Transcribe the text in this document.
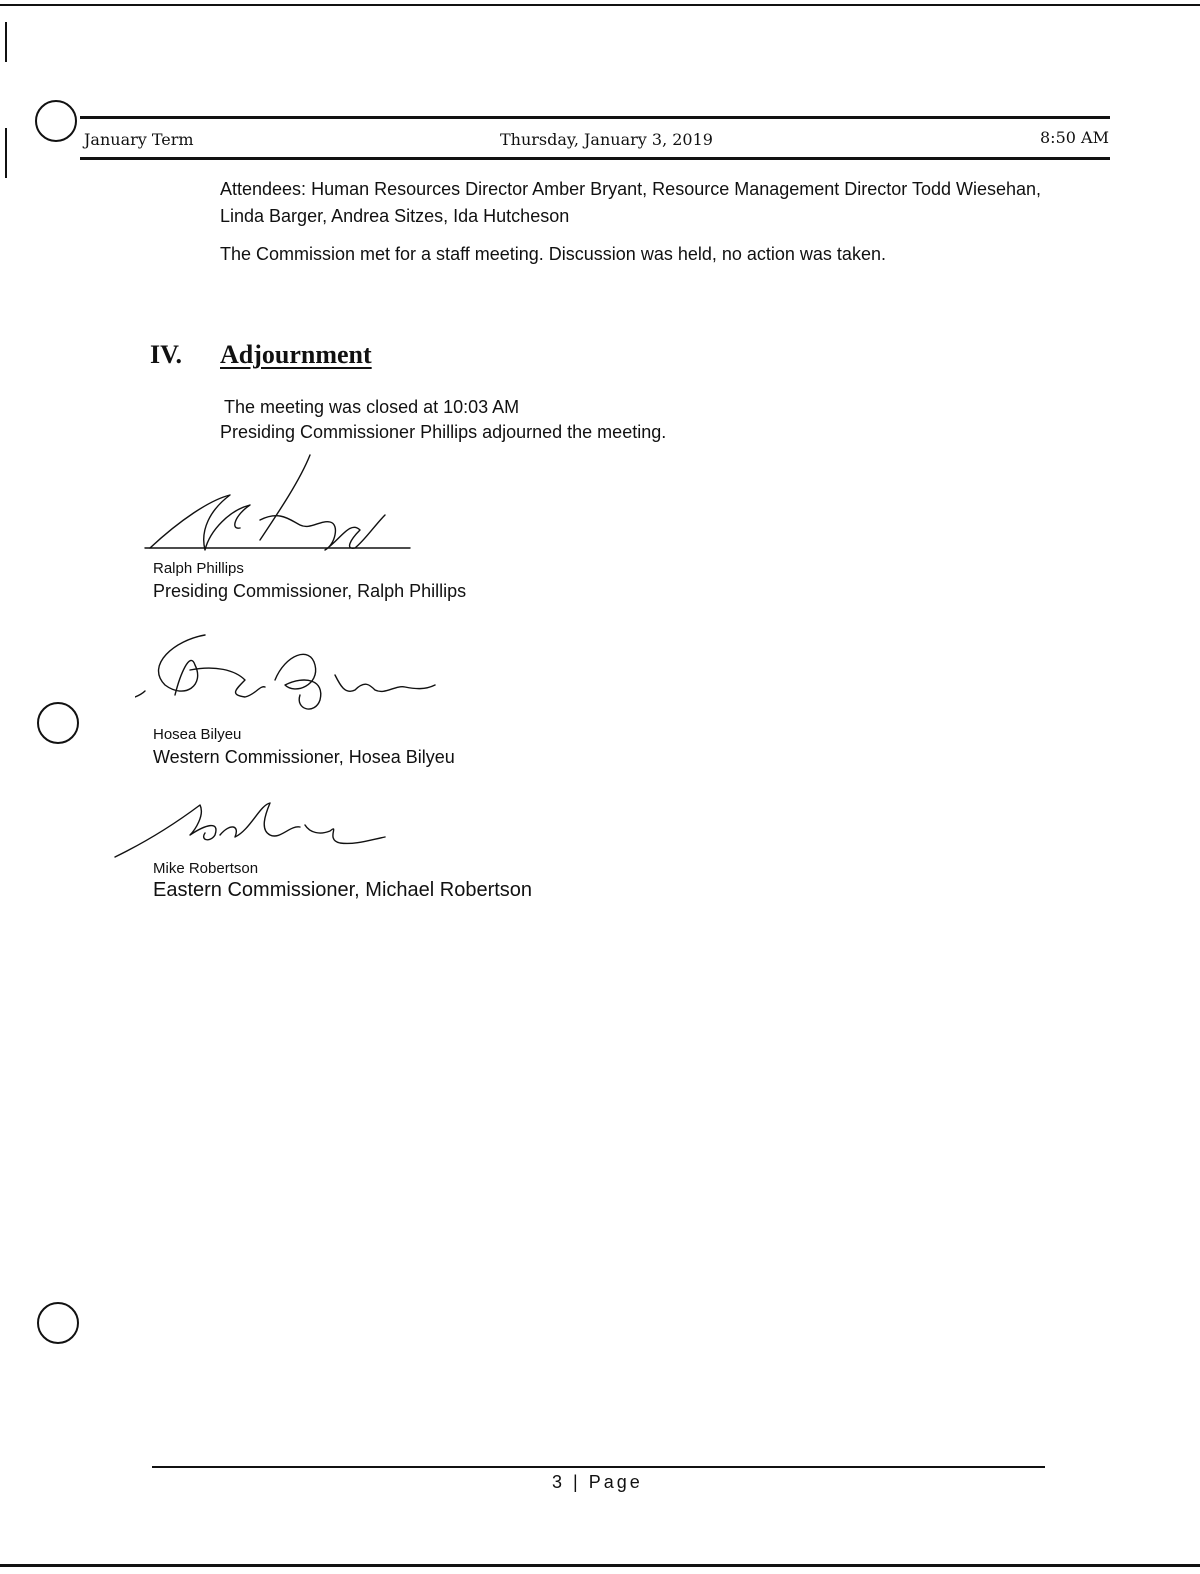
January Term	Thursday, January 3, 2019	8:50 AM
Attendees: Human Resources Director Amber Bryant, Resource Management Director Todd Wiesehan, Linda Barger, Andrea Sitzes, Ida Hutcheson
The Commission met for a staff meeting. Discussion was held, no action was taken.
IV. Adjournment
The meeting was closed at 10:03 AM
Presiding Commissioner Phillips adjourned the meeting.
Ralph Phillips
Presiding Commissioner, Ralph Phillips
Hosea Bilyeu
Western Commissioner, Hosea Bilyeu
Mike Robertson
Eastern Commissioner, Michael Robertson
3 | Page
